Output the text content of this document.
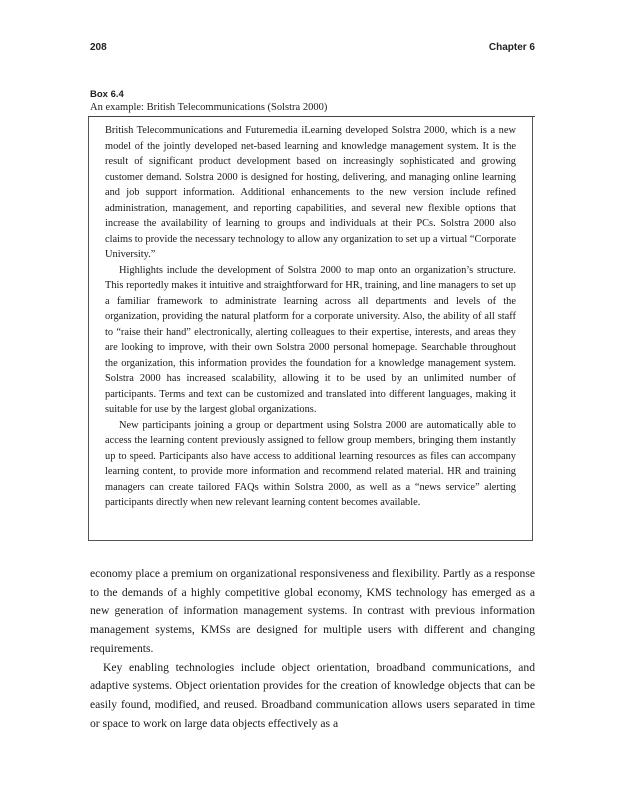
208	Chapter 6
Box 6.4
An example: British Telecommunications (Solstra 2000)

British Telecommunications and Futuremedia iLearning developed Solstra 2000, which is a new model of the jointly developed net-based learning and knowledge management system. It is the result of significant product development based on increasingly sophisticated and growing customer demand. Solstra 2000 is designed for hosting, delivering, and managing online learning and job support information. Additional enhancements to the new version include refined administration, management, and reporting capabilities, and several new flexible options that increase the availability of learning to groups and individuals at their PCs. Solstra 2000 also claims to provide the necessary technology to allow any organization to set up a virtual “Corporate University.”

Highlights include the development of Solstra 2000 to map onto an organization’s structure. This reportedly makes it intuitive and straightforward for HR, training, and line managers to set up a familiar framework to administrate learning across all departments and levels of the organization, providing the natural platform for a corporate university. Also, the ability of all staff to “raise their hand” electronically, alerting colleagues to their expertise, interests, and areas they are looking to improve, with their own Solstra 2000 personal homepage. Searchable throughout the organization, this information provides the foundation for a knowledge management system. Solstra 2000 has increased scalability, allowing it to be used by an unlimited number of participants. Terms and text can be customized and translated into different languages, making it suitable for use by the largest global organizations.

New participants joining a group or department using Solstra 2000 are automatically able to access the learning content previously assigned to fellow group members, bringing them instantly up to speed. Participants also have access to additional learning resources as files can accompany learning content, to provide more information and recommend related material. HR and training managers can create tailored FAQs within Solstra 2000, as well as a “news service” alerting participants directly when new relevant learning content becomes available.

economy place a premium on organizational responsiveness and flexibility. Partly as a response to the demands of a highly competitive global economy, KMS technology has emerged as a new generation of information management systems. In contrast with previous information management systems, KMSs are designed for multiple users with different and changing requirements.

Key enabling technologies include object orientation, broadband communications, and adaptive systems. Object orientation provides for the creation of knowledge objects that can be easily found, modified, and reused. Broadband communication allows users separated in time or space to work on large data objects effectively as a
